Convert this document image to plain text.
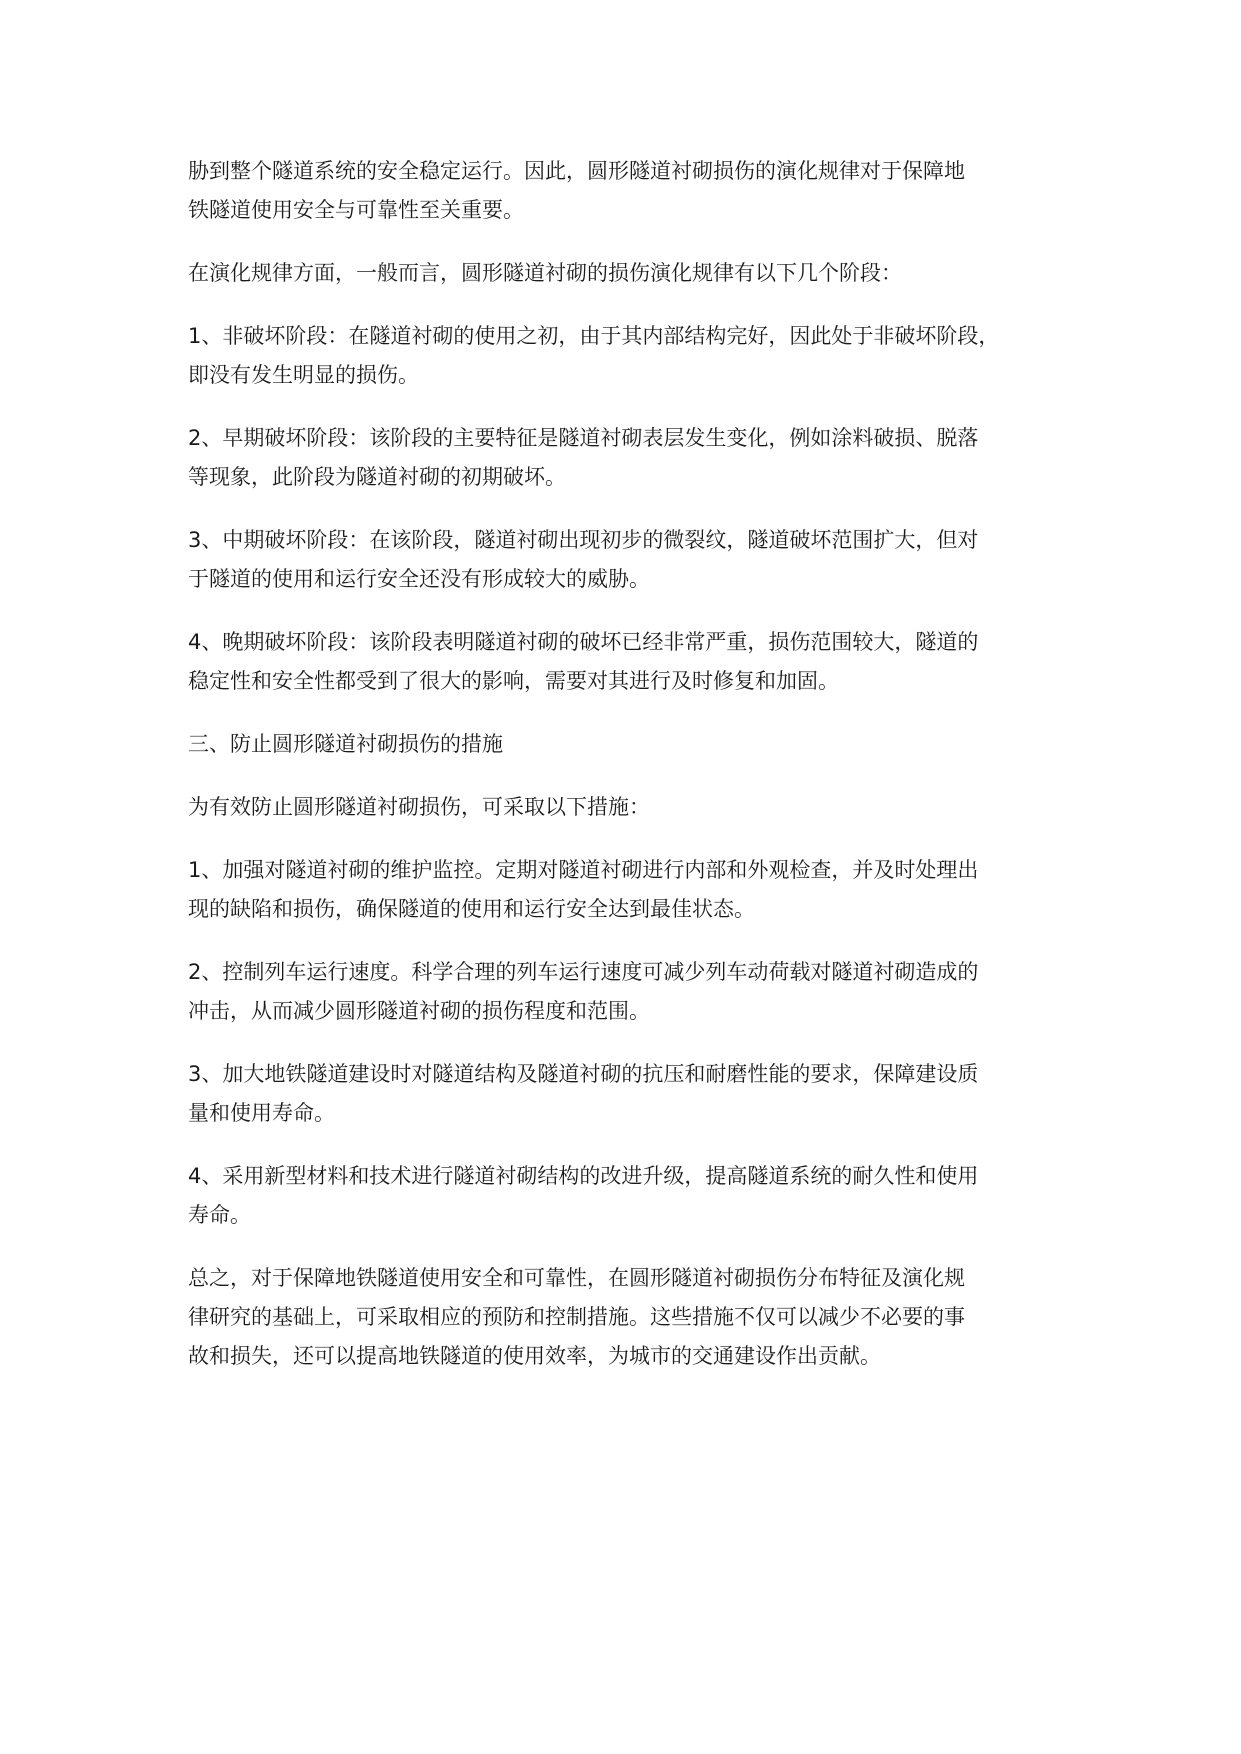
胁到整个隧道系统的安全稳定运行。因此，圆形隧道衬砌损伤的演化规律对于保障地
铁隧道使用安全与可靠性至关重要。

在演化规律方面，一般而言，圆形隧道衬砌的损伤演化规律有以下几个阶段：

1、非破坏阶段：在隧道衬砌的使用之初，由于其内部结构完好，因此处于非破坏阶段，
即没有发生明显的损伤。

2、早期破坏阶段：该阶段的主要特征是隧道衬砌表层发生变化，例如涂料破损、脱落
等现象，此阶段为隧道衬砌的初期破坏。

3、中期破坏阶段：在该阶段，隧道衬砌出现初步的微裂纹，隧道破坏范围扩大，但对
于隧道的使用和运行安全还没有形成较大的威胁。

4、晚期破坏阶段：该阶段表明隧道衬砌的破坏已经非常严重，损伤范围较大，隧道的
稳定性和安全性都受到了很大的影响，需要对其进行及时修复和加固。

三、防止圆形隧道衬砌损伤的措施

为有效防止圆形隧道衬砌损伤，可采取以下措施：

1、加强对隧道衬砌的维护监控。定期对隧道衬砌进行内部和外观检查，并及时处理出
现的缺陷和损伤，确保隧道的使用和运行安全达到最佳状态。

2、控制列车运行速度。科学合理的列车运行速度可减少列车动荷载对隧道衬砌造成的
冲击，从而减少圆形隧道衬砌的损伤程度和范围。

3、加大地铁隧道建设时对隧道结构及隧道衬砌的抗压和耐磨性能的要求，保障建设质
量和使用寿命。

4、采用新型材料和技术进行隧道衬砌结构的改进升级，提高隧道系统的耐久性和使用
寿命。

总之，对于保障地铁隧道使用安全和可靠性，在圆形隧道衬砌损伤分布特征及演化规
律研究的基础上，可采取相应的预防和控制措施。这些措施不仅可以减少不必要的事
故和损失，还可以提高地铁隧道的使用效率，为城市的交通建设作出贡献。
